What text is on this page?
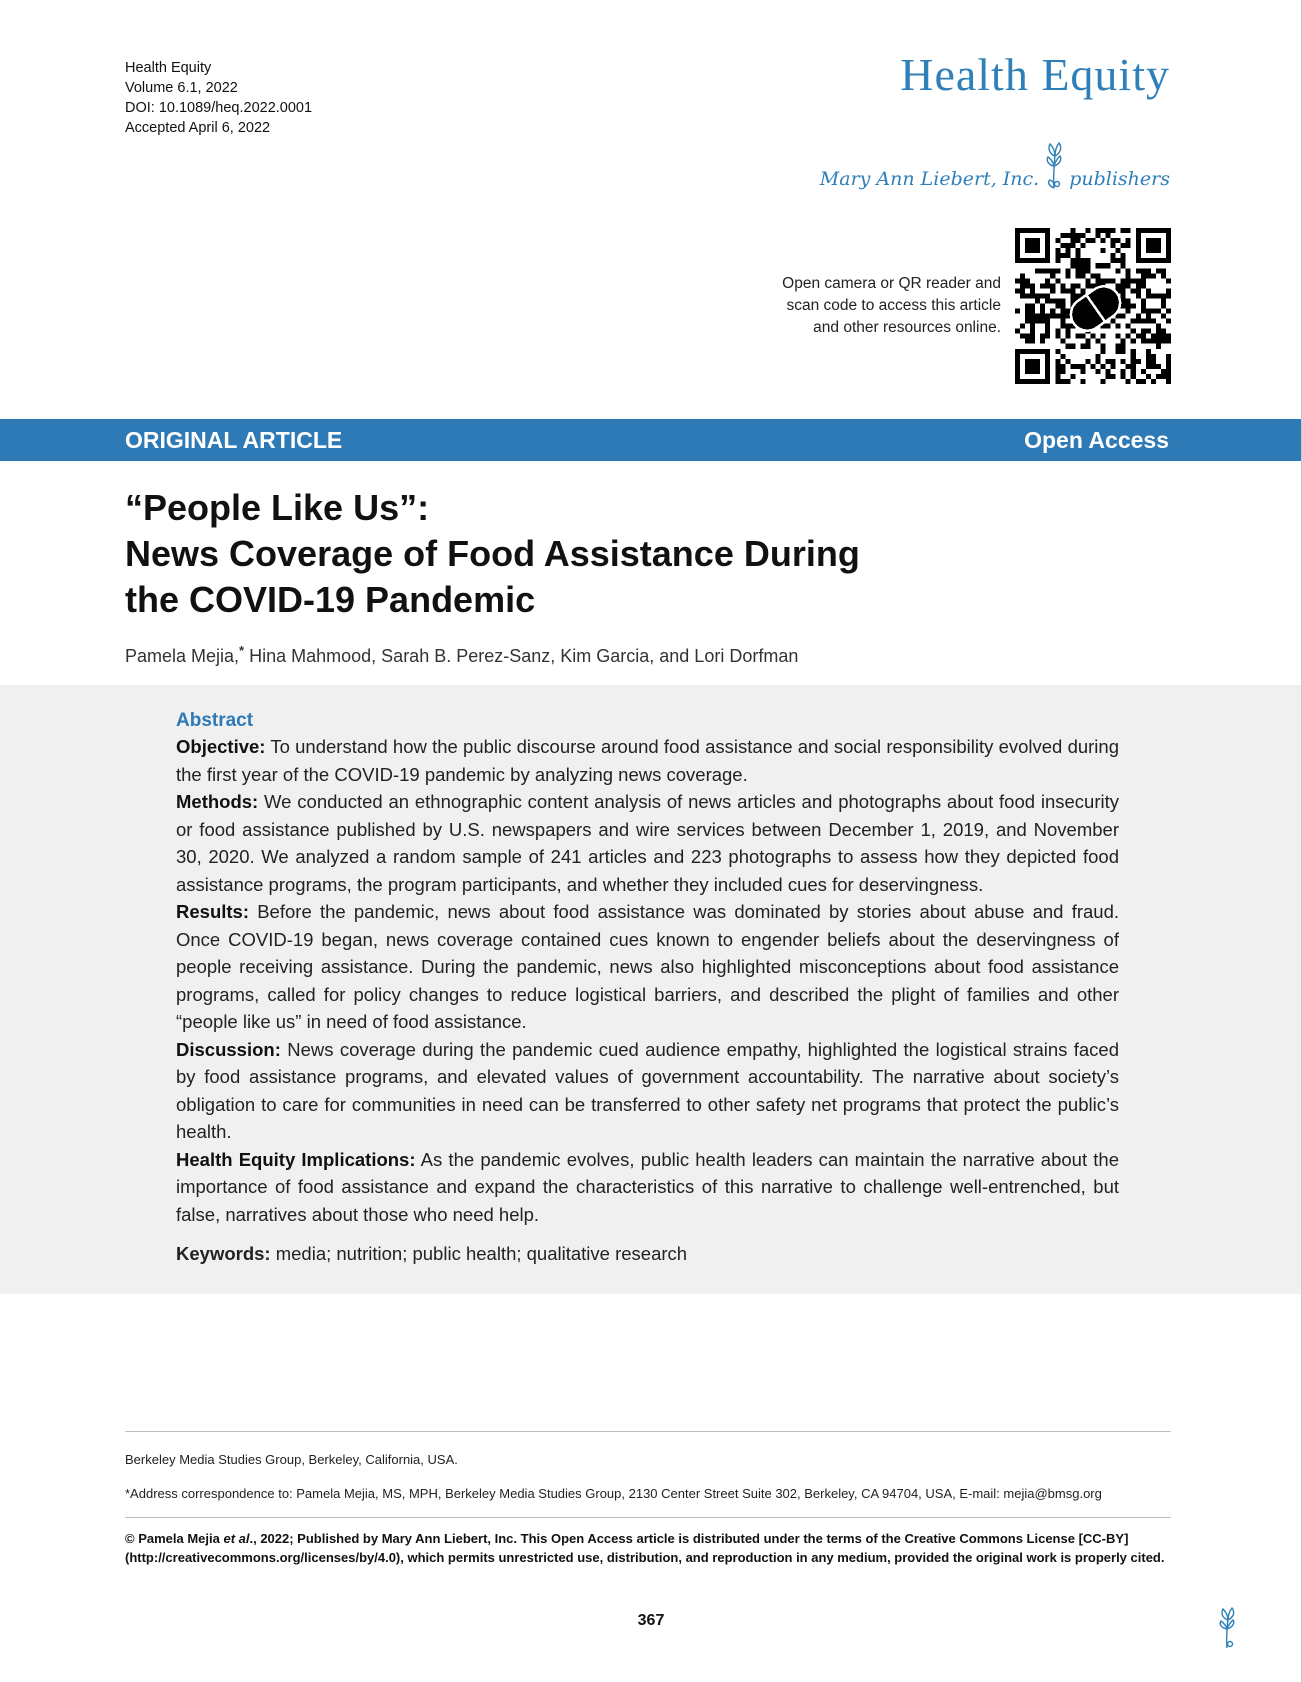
Health Equity
Volume 6.1, 2022
DOI: 10.1089/heq.2022.0001
Accepted April 6, 2022
Health Equity
Mary Ann Liebert, Inc. publishers
Open camera or QR reader and
scan code to access this article
and other resources online.
ORIGINAL ARTICLE	Open Access
“People Like Us”:
News Coverage of Food Assistance During
the COVID-19 Pandemic
Pamela Mejia,* Hina Mahmood, Sarah B. Perez-Sanz, Kim Garcia, and Lori Dorfman
Abstract

Objective: To understand how the public discourse around food assistance and social responsibility evolved during the first year of the COVID-19 pandemic by analyzing news coverage.

Methods: We conducted an ethnographic content analysis of news articles and photographs about food insecurity or food assistance published by U.S. newspapers and wire services between December 1, 2019, and November 30, 2020. We analyzed a random sample of 241 articles and 223 photographs to assess how they depicted food assistance programs, the program participants, and whether they included cues for deservingness.

Results: Before the pandemic, news about food assistance was dominated by stories about abuse and fraud. Once COVID-19 began, news coverage contained cues known to engender beliefs about the deservingness of people receiving assistance. During the pandemic, news also highlighted misconceptions about food assistance programs, called for policy changes to reduce logistical barriers, and described the plight of families and other “people like us” in need of food assistance.

Discussion: News coverage during the pandemic cued audience empathy, highlighted the logistical strains faced by food assistance programs, and elevated values of government accountability. The narrative about society’s obligation to care for communities in need can be transferred to other safety net programs that protect the public’s health.

Health Equity Implications: As the pandemic evolves, public health leaders can maintain the narrative about the importance of food assistance and expand the characteristics of this narrative to challenge well-entrenched, but false, narratives about those who need help.

Keywords: media; nutrition; public health; qualitative research
Berkeley Media Studies Group, Berkeley, California, USA.
*Address correspondence to: Pamela Mejia, MS, MPH, Berkeley Media Studies Group, 2130 Center Street Suite 302, Berkeley, CA 94704, USA, E-mail: mejia@bmsg.org
© Pamela Mejia et al., 2022; Published by Mary Ann Liebert, Inc. This Open Access article is distributed under the terms of the Creative Commons License [CC-BY] (http://creativecommons.org/licenses/by/4.0), which permits unrestricted use, distribution, and reproduction in any medium, provided the original work is properly cited.
367
